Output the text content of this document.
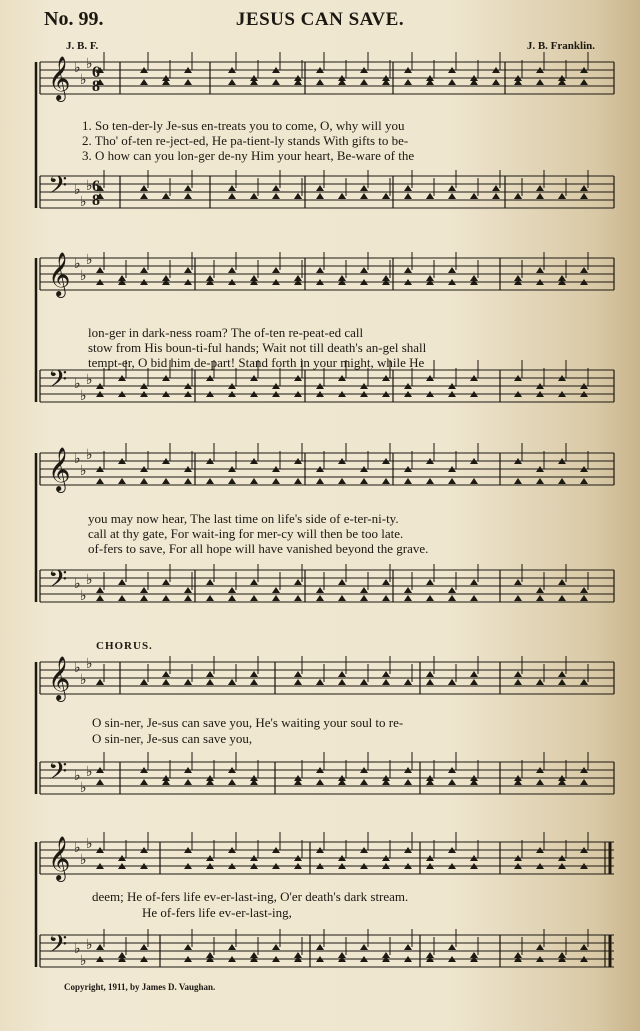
No. 99.	JESUS CAN SAVE.
J. B. F.	J. B. Franklin.
𝄞 ♭
♭
♭
𝄢 ♭
♭
♭
𝄞 ♭
♭
♭
𝄢 ♭
♭
♭
𝄞 ♭
♭
♭
𝄢 ♭
♭
♭
𝄞 ♭
♭
♭
𝄢 ♭
♭
♭
𝄞 ♭
♭
♭
𝄢 ♭
♭
♭
6
6
8
8
1. So ten-der-ly Je-sus en-treats you to come, O, why will you
2. Tho' of-ten re-ject-ed, He pa-tient-ly stands With gifts to be-
3. O how can you lon-ger de-ny Him your heart, Be-ware of the
lon-ger in dark-ness roam? The of-ten re-peat-ed call
stow from His boun-ti-ful hands; Wait not till death's an-gel shall
tempt-er, O bid him de-part! Stand forth in your might, while He
you may now hear, The last time on life's side of e-ter-ni-ty.
call at thy gate, For wait-ing for mer-cy will then be too late.
of-fers to save, For all hope will have vanished beyond the grave.
CHORUS.
O sin-ner, Je-sus can save you, He's waiting your soul to re-
O sin-ner, Je-sus can save you,
deem; He of-fers life ev-er-last-ing, O'er death's dark stream.
He of-fers life ev-er-last-ing,
Copyright, 1911, by James D. Vaughan.
